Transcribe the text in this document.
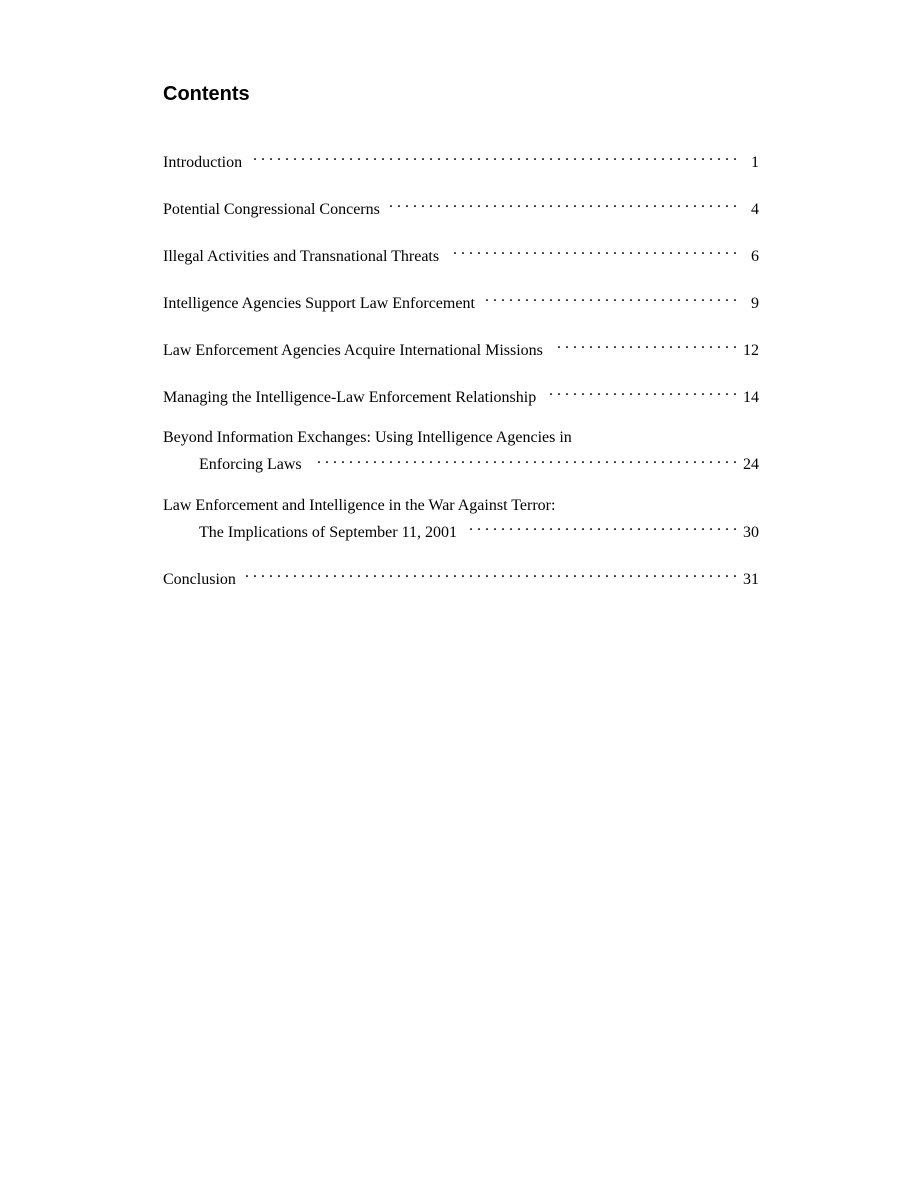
Contents
Introduction . . .	1
Potential Congressional Concerns . . .	4
Illegal Activities and Transnational Threats . . .	6
Intelligence Agencies Support Law Enforcement . . .	9
Law Enforcement Agencies Acquire International Missions . . .	12
Managing the Intelligence-Law Enforcement Relationship . . .	14
Beyond Information Exchanges: Using Intelligence Agencies in
Enforcing Laws . . .	24
Law Enforcement and Intelligence in the War Against Terror:
The Implications of September 11, 2001 . . .	30
Conclusion . . .	31
